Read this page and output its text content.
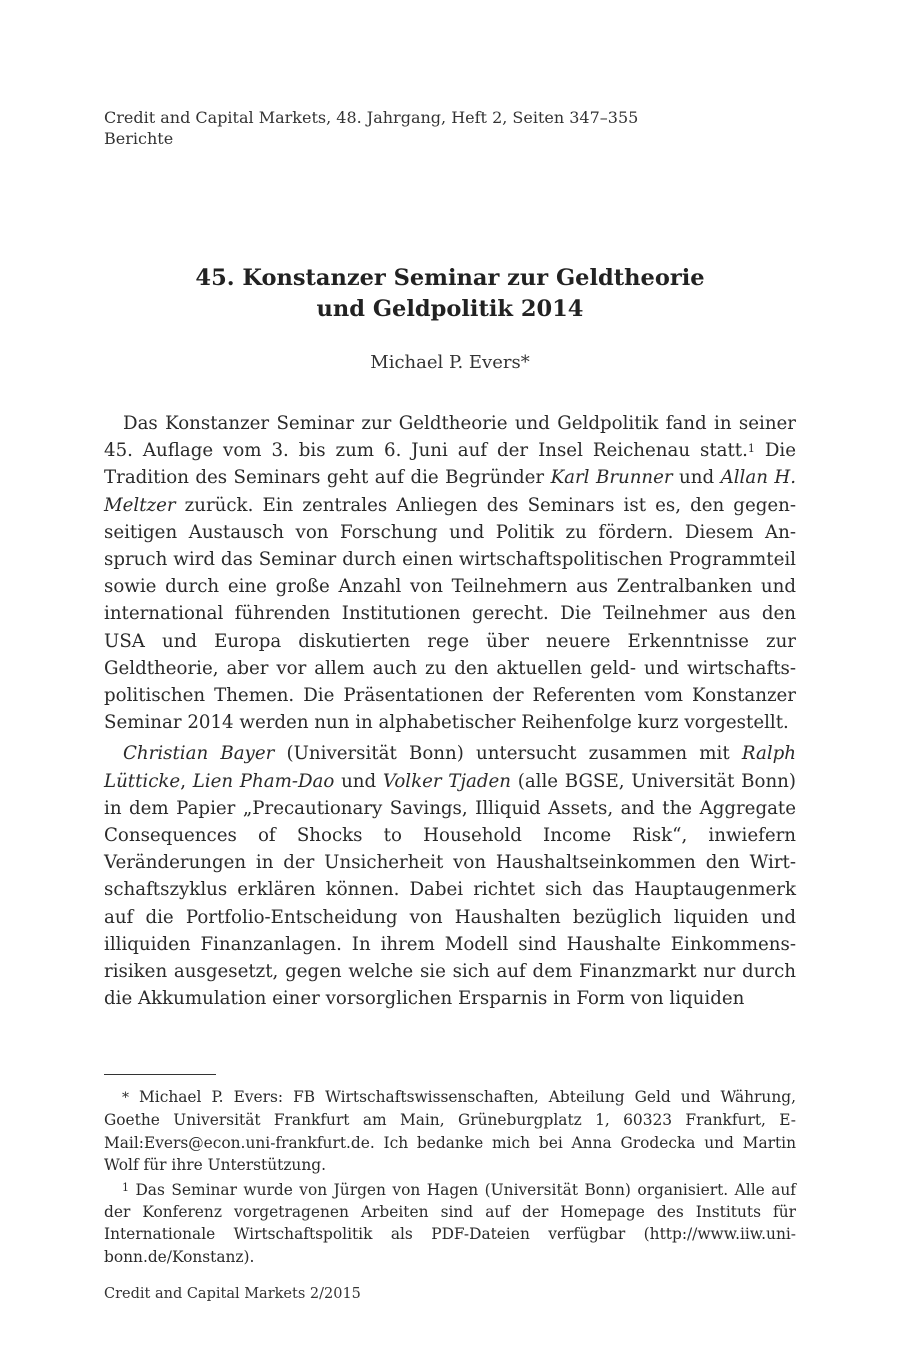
Credit and Capital Markets, 48. Jahrgang, Heft 2, Seiten 347–355
Berichte
45. Konstanzer Seminar zur Geldtheorie
und Geldpolitik 2014
Michael P. Evers*

Das Konstanzer Seminar zur Geldtheorie und Geldpolitik fand in seiner 45. Auflage vom 3. bis zum 6. Juni auf der Insel Reichenau statt.$^1$ Die Tradition des Seminars geht auf die Begründer Karl Brunner und Allan H. Meltzer zurück. Ein zentrales Anliegen des Seminars ist es, den gegenseitigen Austausch von Forschung und Politik zu fördern. Diesem Anspruch wird das Seminar durch einen wirtschaftspolitischen Programmteil sowie durch eine große Anzahl von Teilnehmern aus Zentralbanken und international führenden Institutionen gerecht. Die Teilnehmer aus den USA und Europa diskutierten rege über neuere Erkenntnisse zur Geldtheorie, aber vor allem auch zu den aktuellen geld- und wirtschaftspolitischen Themen. Die Präsentationen der Referenten vom Konstanzer Seminar 2014 werden nun in alphabetischer Reihenfolge kurz vorgestellt.

Christian Bayer (Universität Bonn) untersucht zusammen mit Ralph Lütticke, Lien Pham-Dao und Volker Tjaden (alle BGSE, Universität Bonn) in dem Papier „Precautionary Savings, Illiquid Assets, and the Aggregate Consequences of Shocks to Household Income Risk“, inwiefern Veränderungen in der Unsicherheit von Haushaltseinkommen den Wirtschaftszyklus erklären können. Dabei richtet sich das Hauptaugenmerk auf die Portfolio-Entscheidung von Haushalten bezüglich liquiden und illiquiden Finanzanlagen. In ihrem Modell sind Haushalte Einkommensrisiken ausgesetzt, gegen welche sie sich auf dem Finanzmarkt nur durch die Akkumulation einer vorsorglichen Ersparnis in Form von liquiden

* Michael P. Evers: FB Wirtschaftswissenschaften, Abteilung Geld und Währung, Goethe Universität Frankfurt am Main, Grüneburgplatz 1, 60323 Frankfurt, E-Mail:Evers@econ.uni-frankfurt.de. Ich bedanke mich bei Anna Grodecka und Martin Wolf für ihre Unterstützung.

$^1$ Das Seminar wurde von Jürgen von Hagen (Universität Bonn) organisiert. Alle auf der Konferenz vorgetragenen Arbeiten sind auf der Homepage des Instituts für Internationale Wirtschaftspolitik als PDF-Dateien verfügbar (http://www.​iiw.uni-bonn.de/Konstanz).

Credit and Capital Markets 2/2015
